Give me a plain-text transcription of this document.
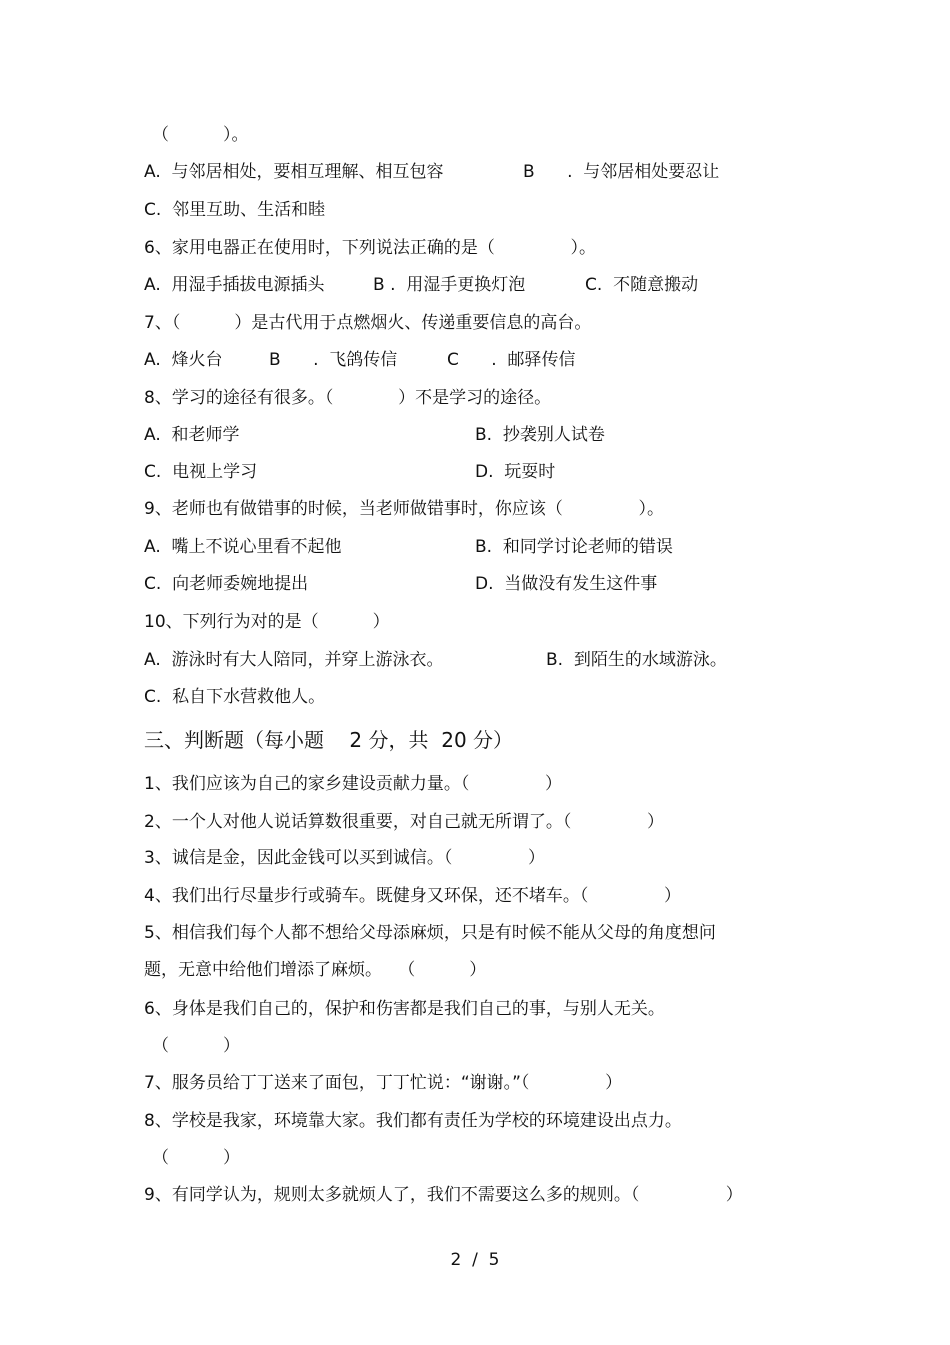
（          ）。
A.  与邻居相处，要相互理解、相互包容	B      .  与邻居相处要忍让
C.  邻里互助、生活和睦
6、家用电器正在使用时，下列说法正确的是（              ）。
A.  用湿手插拔电源插头	B .  用湿手更换灯泡	C.  不随意搬动
7、（          ）是古代用于点燃烟火、传递重要信息的高台。
A.  烽火台	B      .  飞鸽传信	C      .  邮驿传信
8、学习的途径有很多。（            ）不是学习的途径。
A.  和老师学	B.  抄袭别人试卷
C.  电视上学习	D.  玩耍时
9、老师也有做错事的时候，当老师做错事时，你应该（              ）。
A.  嘴上不说心里看不起他	B.  和同学讨论老师的错误
C.  向老师委婉地提出	D.  当做没有发生这件事
10、下列行为对的是（          ）
A.  游泳时有大人陪同，并穿上游泳衣。	B.  到陌生的水域游泳。
C.  私自下水营救他人。
三、判断题（每小题    2 分，共  20 分）
1、我们应该为自己的家乡建设贡献力量。（              ）
2、一个人对他人说话算数很重要，对自己就无所谓了。（              ）
3、诚信是金，因此金钱可以买到诚信。（              ）
4、我们出行尽量步行或骑车。既健身又环保，还不堵车。（              ）
5、相信我们每个人都不想给父母添麻烦，只是有时候不能从父母的角度想问
题，无意中给他们增添了麻烦。   （          ）
6、身体是我们自己的，保护和伤害都是我们自己的事，与别人无关。
（          ）
7、服务员给丁丁送来了面包，丁丁忙说：“谢谢。”（              ）
8、学校是我家，环境靠大家。我们都有责任为学校的环境建设出点力。
（          ）
9、有同学认为，规则太多就烦人了，我们不需要这么多的规则。（                ）
2  /  5
